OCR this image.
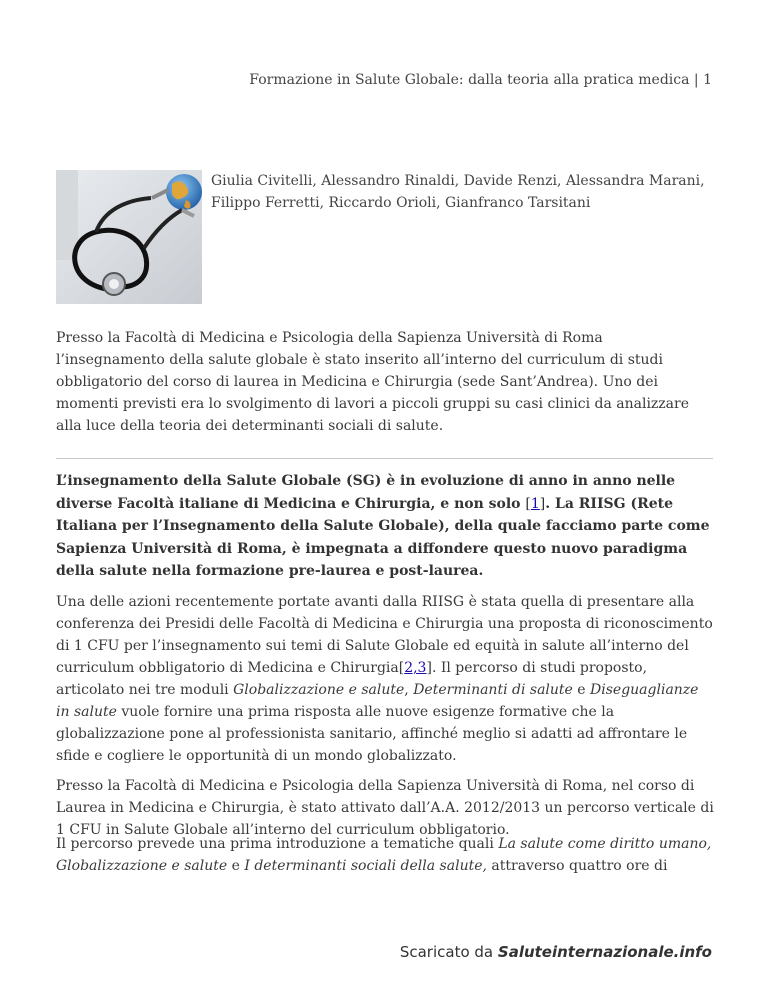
Formazione in Salute Globale: dalla teoria alla pratica medica | 1
Giulia Civitelli, Alessandro Rinaldi, Davide Renzi, Alessandra Marani,
Filippo Ferretti, Riccardo Orioli, Gianfranco Tarsitani

Presso la Facoltà di Medicina e Psicologia della Sapienza Università di Roma l’insegnamento della salute globale è stato inserito all’interno del curriculum di studi obbligatorio del corso di laurea in Medicina e Chirurgia (sede Sant’Andrea). Uno dei momenti previsti era lo svolgimento di lavori a piccoli gruppi su casi clinici da analizzare alla luce della teoria dei determinanti sociali di salute.

L’insegnamento della Salute Globale (SG) è in evoluzione di anno in anno nelle diverse Facoltà italiane di Medicina e Chirurgia, e non solo [1]. La RIISG (Rete Italiana per l’Insegnamento della Salute Globale), della quale facciamo parte come Sapienza Università di Roma, è impegnata a diffondere questo nuovo paradigma della salute nella formazione pre-laurea e post-laurea.

Una delle azioni recentemente portate avanti dalla RIISG è stata quella di presentare alla conferenza dei Presidi delle Facoltà di Medicina e Chirurgia una proposta di riconoscimento di 1 CFU per l’insegnamento sui temi di Salute Globale ed equità in salute all’interno del curriculum obbligatorio di Medicina e Chirurgia[2,3]. Il percorso di studi proposto, articolato nei tre moduli Globalizzazione e salute, Determinanti di salute e Diseguaglianze in salute vuole fornire una prima risposta alle nuove esigenze formative che la globalizzazione pone al professionista sanitario, affinché meglio si adatti ad affrontare le sfide e cogliere le opportunità di un mondo globalizzato.

Presso la Facoltà di Medicina e Psicologia della Sapienza Università di Roma, nel corso di Laurea in Medicina e Chirurgia, è stato attivato dall’A.A. 2012/2013 un percorso verticale di 1 CFU in Salute Globale all’interno del curriculum obbligatorio.

Il percorso prevede una prima introduzione a tematiche quali La salute come diritto umano, Globalizzazione e salute e I determinanti sociali della salute, attraverso quattro ore di

Scaricato da Saluteinternazionale.info
